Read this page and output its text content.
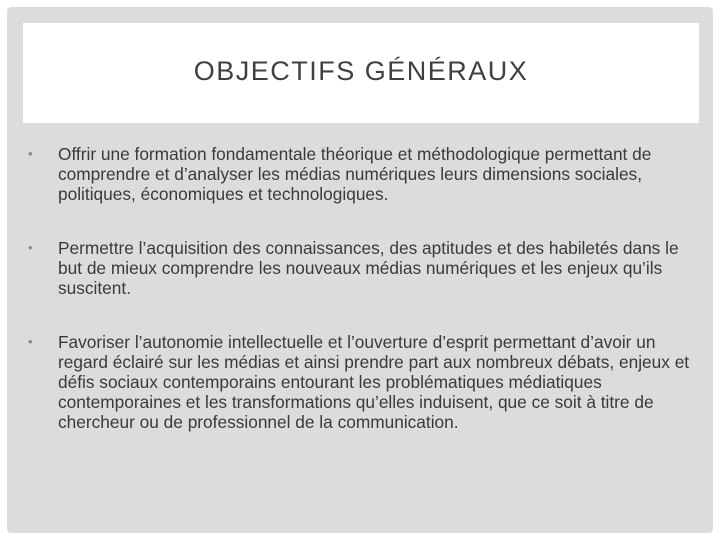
OBJECTIFS GÉNÉRAUX
• Offrir une formation fondamentale théorique et méthodologique permettant de comprendre et d’analyser les médias numériques leurs dimensions sociales, politiques, économiques et technologiques.
• Permettre l’acquisition des connaissances, des aptitudes et des habiletés dans le but de mieux comprendre les nouveaux médias numériques et les enjeux qu’ils suscitent.
• Favoriser l’autonomie intellectuelle et l’ouverture d’esprit permettant d’avoir un regard éclairé sur les médias et ainsi prendre part aux nombreux débats, enjeux et défis sociaux contemporains entourant les problématiques médiatiques contemporaines et les transformations qu’elles induisent, que ce soit à titre de chercheur ou de professionnel de la communication.
